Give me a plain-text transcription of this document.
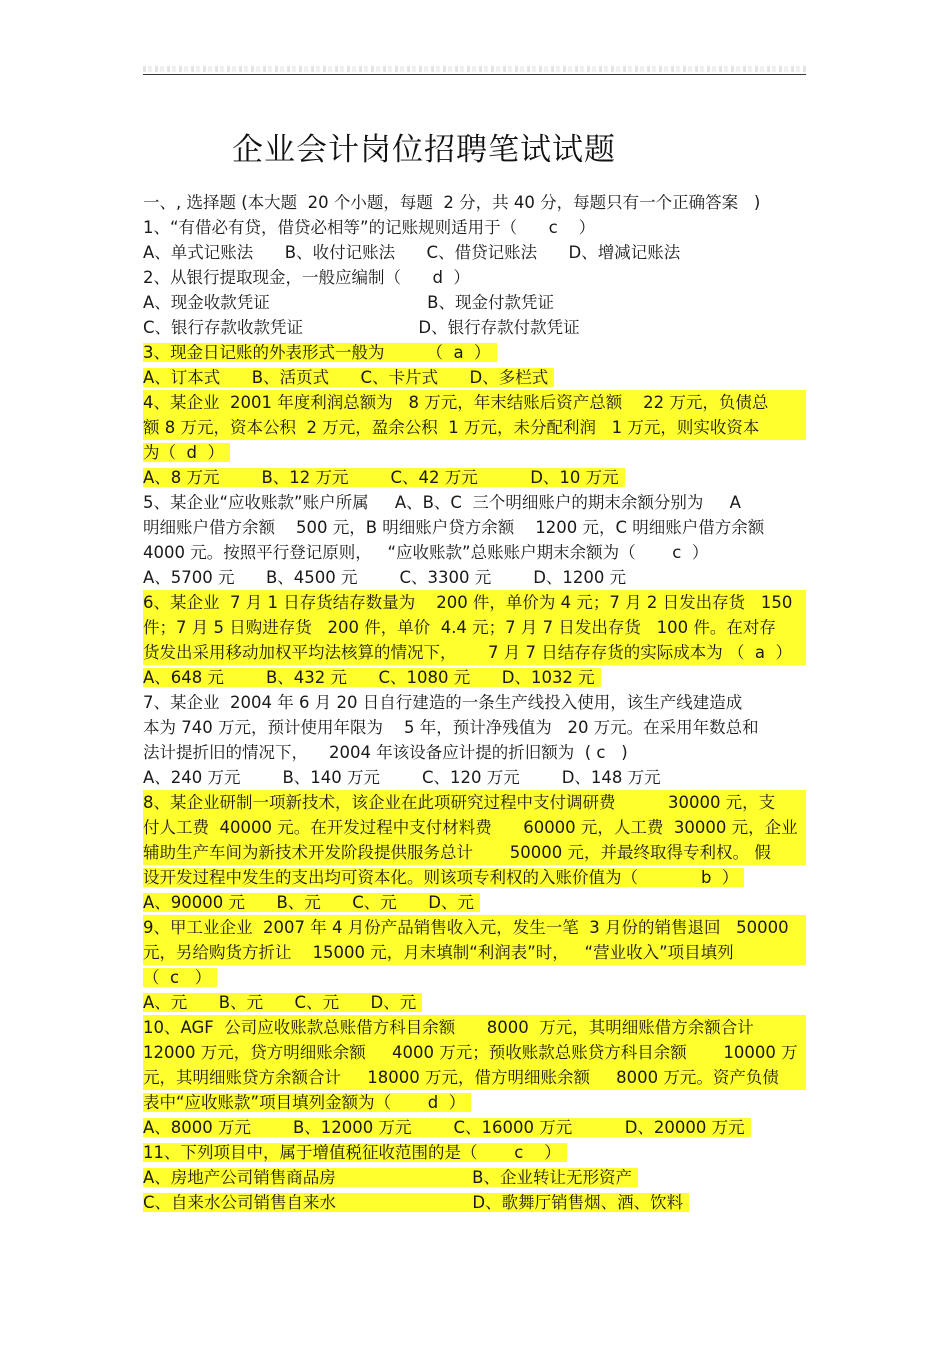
企业会计岗位招聘笔试试题
一、, 选择题 (本大题  20 个小题，每题  2 分，共 40 分，每题只有一个正确答案   )
1、“有借必有贷，借贷必相等”的记账规则适用于（      c    ）
A、单式记账法      B、收付记账法      C、借贷记账法      D、增减记账法
2、从银行提取现金，一般应编制（      d  ）
A、现金收款凭证                              B、现金付款凭证
C、银行存款收款凭证                      D、银行存款付款凭证
3、现金日记账的外表形式一般为        （  a  ）
A、订本式      B、活页式      C、卡片式      D、多栏式
4、某企业  2001 年度利润总额为   8 万元，年末结账后资产总额    22 万元，负债总
额 8 万元，资本公积  2 万元，盈余公积  1 万元，未分配利润   1 万元，则实收资本
为（  d  ）
A、8 万元        B、12 万元        C、42 万元          D、10 万元
5、某企业“应收账款”账户所属     A、B、C  三个明细账户的期末余额分别为     A
明细账户借方余额    500 元，B 明细账户贷方余额    1200 元，C 明细账户借方余额
4000 元。按照平行登记原则，   “应收账款”总账账户期末余额为（       c  ）
A、5700 元      B、4500 元        C、3300 元        D、1200 元
6、某企业  7 月 1 日存货结存数量为    200 件，单价为 4 元；7 月 2 日发出存货   150
件；7 月 5 日购进存货   200 件，单价  4.4 元；7 月 7 日发出存货   100 件。在对存
货发出采用移动加权平均法核算的情况下，      7 月 7 日结存存货的实际成本为 （  a  ）
A、648 元        B、432 元      C、1080 元      D、1032 元
7、某企业  2004 年 6 月 20 日自行建造的一条生产线投入使用，该生产线建造成
本为 740 万元，预计使用年限为    5 年，预计净残值为   20 万元。在采用年数总和
法计提折旧的情况下，    2004 年该设备应计提的折旧额为  ( c   )
A、240 万元        B、140 万元        C、120 万元        D、148 万元
8、某企业研制一项新技术，该企业在此项研究过程中支付调研费          30000 元，支
付人工费  40000 元。在开发过程中支付材料费      60000 元，人工费  30000 元，企业
辅助生产车间为新技术开发阶段提供服务总计       50000 元，并最终取得专利权。 假
设开发过程中发生的支出均可资本化。则该项专利权的入账价值为（            b  ）
A、90000 元      B、元      C、元      D、元
9、甲工业企业  2007 年 4 月份产品销售收入元，发生一笔  3 月份的销售退回   50000
元，另给购货方折让    15000 元，月末填制“利润表”时，   “营业收入”项目填列
（  c   ）
A、元      B、元      C、元      D、元
10、AGF  公司应收账款总账借方科目余额      8000  万元，其明细账借方余额合计
12000 万元，贷方明细账余额     4000 万元；预收账款总账贷方科目余额       10000 万
元，其明细账贷方余额合计     18000 万元，借方明细账余额     8000 万元。资产负债
表中“应收账款”项目填列金额为（       d  ）
A、8000 万元        B、12000 万元        C、16000 万元          D、20000 万元
11、下列项目中，属于增值税征收范围的是（       c    ）
A、房地产公司销售商品房                          B、企业转让无形资产
C、自来水公司销售自来水                          D、歌舞厅销售烟、酒、饮料
